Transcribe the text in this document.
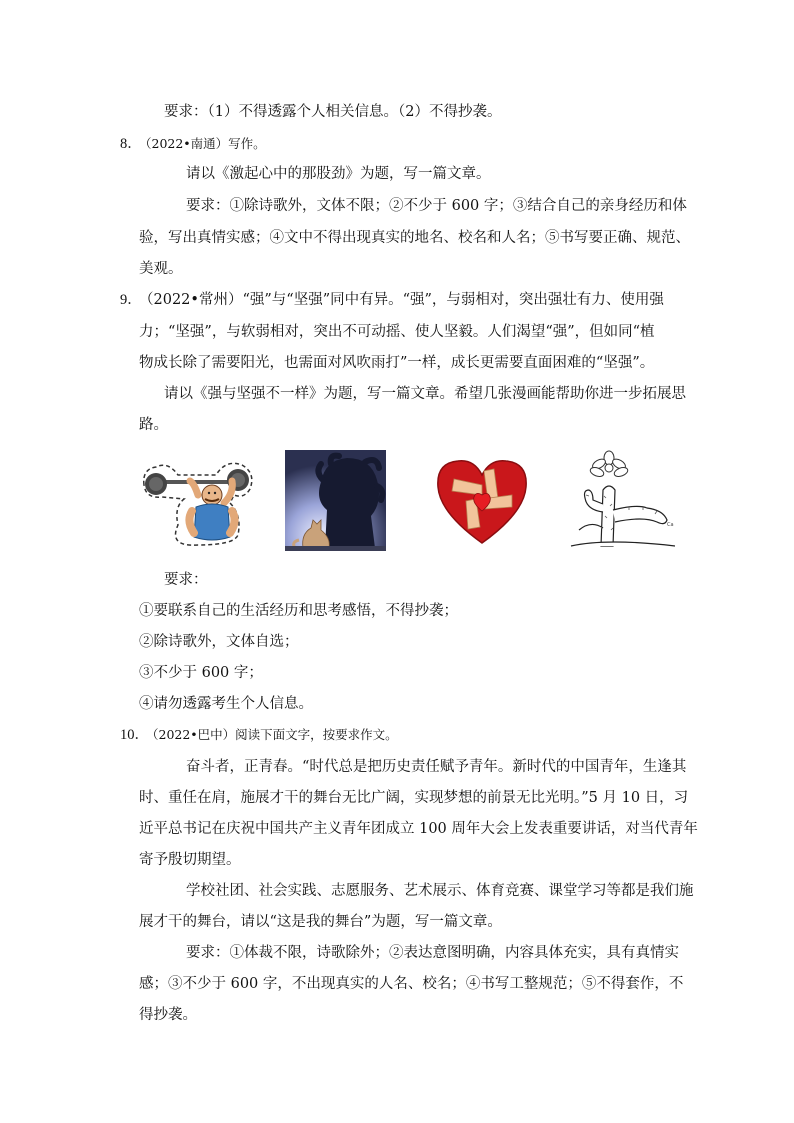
要求：（1）不得透露个人相关信息。（2）不得抄袭。
8．
（2022•南通）写作。
请以《激起心中的那股劲》为题，写一篇文章。
要求：①除诗歌外，文体不限；②不少于 600 字；③结合自己的亲身经历和体
验，写出真情实感；④文中不得出现真实的地名、校名和人名；⑤书写要正确、规范、
美观。
9．
（2022•常州）“强”与“坚强”同中有异。“强”，与弱相对，突出强壮有力、使用强
力；“坚强”，与软弱相对，突出不可动摇、使人坚毅。人们渴望“强”，但如同“植
物成长除了需要阳光，也需面对风吹雨打”一样，成长更需要直面困难的“坚强”。
请以《强与坚强不一样》为题，写一篇文章。希望几张漫画能帮助你进一步拓展思
路。
Ca
要求：
①要联系自己的生活经历和思考感悟，不得抄袭；
②除诗歌外，文体自选；
③不少于 600 字；
④请勿透露考生个人信息。
10．
（2022•巴中）阅读下面文字，按要求作文。
奋斗者，正青春。“时代总是把历史责任赋予青年。新时代的中国青年，生逢其
时、重任在肩，施展才干的舞台无比广阔，实现梦想的前景无比光明。”5 月 10 日，习
近平总书记在庆祝中国共产主义青年团成立 100 周年大会上发表重要讲话，对当代青年
寄予殷切期望。
学校社团、社会实践、志愿服务、艺术展示、体育竞赛、课堂学习等都是我们施
展才干的舞台，请以“这是我的舞台”为题，写一篇文章。
要求：①体裁不限，诗歌除外；②表达意图明确，内容具体充实，具有真情实
感；③不少于 600 字，不出现真实的人名、校名；④书写工整规范；⑤不得套作，不
得抄袭。
